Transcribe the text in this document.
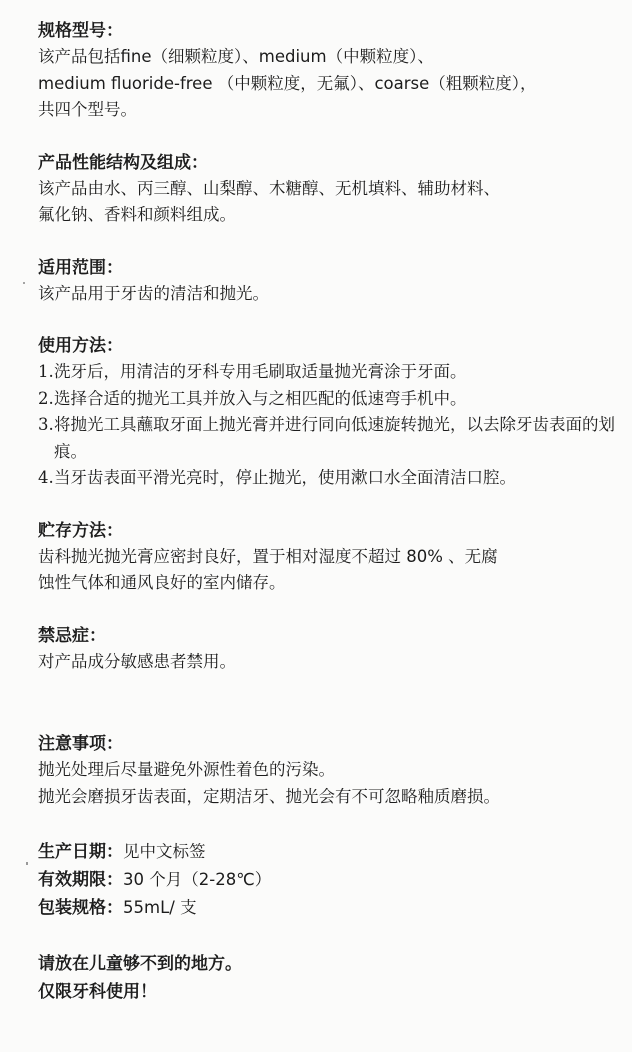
规格型号：

该产品包括fine（细颗粒度）、medium（中颗粒度）、

medium fluoride-free （中颗粒度，无氟）、coarse（粗颗粒度），

共四个型号。

产品性能结构及组成：

该产品由水、丙三醇、山梨醇、木糖醇、无机填料、辅助材料、

氟化钠、香料和颜料组成。

适用范围：

该产品用于牙齿的清洁和抛光。

使用方法：

1. 洗牙后，用清洁的牙科专用毛刷取适量抛光膏涂于牙面。
2. 选择合适的抛光工具并放入与之相匹配的低速弯手机中。
3. 将抛光工具蘸取牙面上抛光膏并进行同向低速旋转抛光，以去除牙齿表面的划痕。
4. 当牙齿表面平滑光亮时，停止抛光，使用漱口水全面清洁口腔。

贮存方法：

齿科抛光抛光膏应密封良好，置于相对湿度不超过 80% 、无腐

蚀性气体和通风良好的室内储存。

禁忌症：

对产品成分敏感患者禁用。

注意事项：

抛光处理后尽量避免外源性着色的污染。

抛光会磨损牙齿表面，定期洁牙、抛光会有不可忽略釉质磨损。

生产日期：见中文标签

有效期限：30 个月（2-28℃）

包装规格：55mL/ 支

请放在儿童够不到的地方。

仅限牙科使用！
